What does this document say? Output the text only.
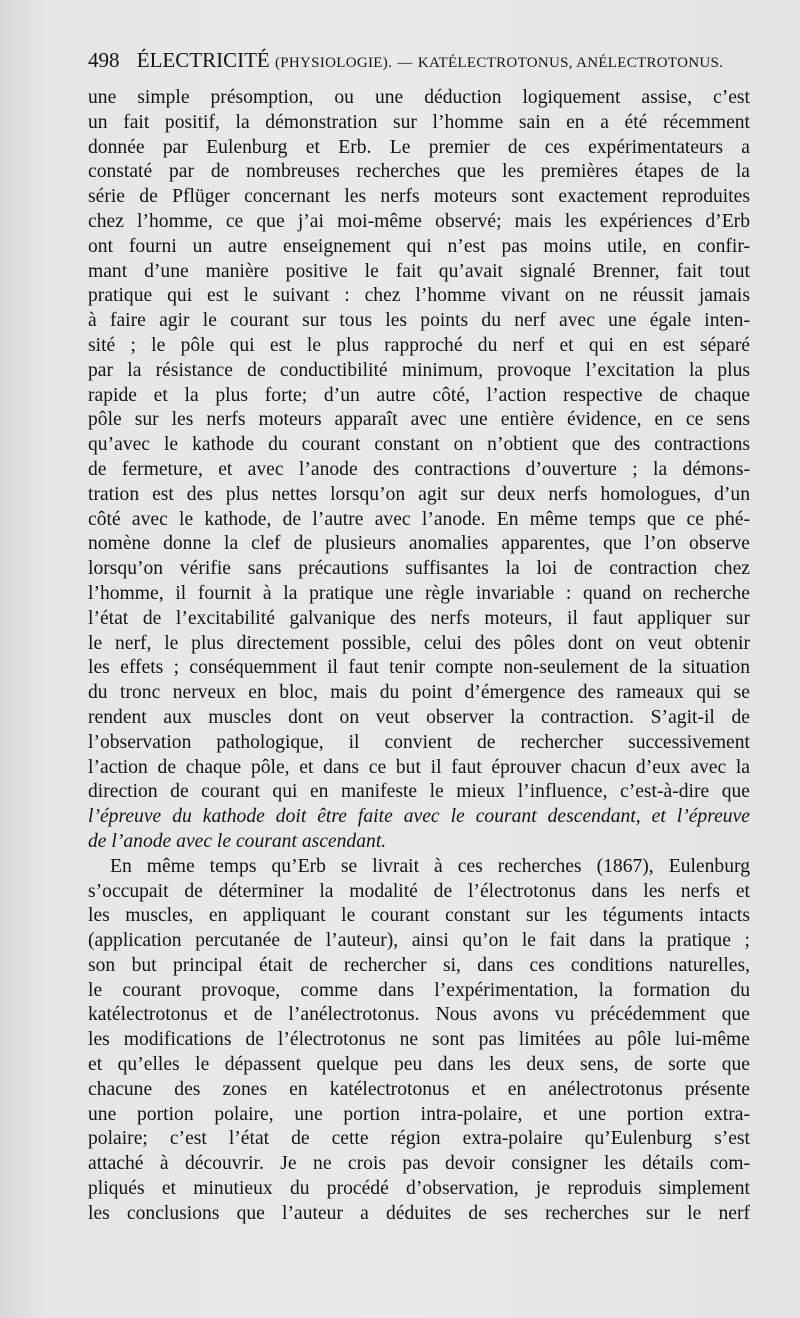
498 ÉLECTRICITÉ (PHYSIOLOGIE). — KATÉLECTROTONUS, ANÉLECTROTONUS.
une simple présomption, ou une déduction logiquement assise, c’est
un fait positif, la démonstration sur l’homme sain en a été récemment
donnée par Eulenburg et Erb. Le premier de ces expérimentateurs a
constaté par de nombreuses recherches que les premières étapes de la
série de Pflüger concernant les nerfs moteurs sont exactement reproduites
chez l’homme, ce que j’ai moi-même observé; mais les expériences d’Erb
ont fourni un autre enseignement qui n’est pas moins utile, en confir-
mant d’une manière positive le fait qu’avait signalé Brenner, fait tout
pratique qui est le suivant : chez l’homme vivant on ne réussit jamais
à faire agir le courant sur tous les points du nerf avec une égale inten-
sité ; le pôle qui est le plus rapproché du nerf et qui en est séparé
par la résistance de conductibilité minimum, provoque l’excitation la plus
rapide et la plus forte; d’un autre côté, l’action respective de chaque
pôle sur les nerfs moteurs apparaît avec une entière évidence, en ce sens
qu’avec le kathode du courant constant on n’obtient que des contractions
de fermeture, et avec l’anode des contractions d’ouverture ; la démons-
tration est des plus nettes lorsqu’on agit sur deux nerfs homologues, d’un
côté avec le kathode, de l’autre avec l’anode. En même temps que ce phé-
nomène donne la clef de plusieurs anomalies apparentes, que l’on observe
lorsqu’on vérifie sans précautions suffisantes la loi de contraction chez
l’homme, il fournit à la pratique une règle invariable : quand on recherche
l’état de l’excitabilité galvanique des nerfs moteurs, il faut appliquer sur
le nerf, le plus directement possible, celui des pôles dont on veut obtenir
les effets ; conséquemment il faut tenir compte non-seulement de la situation
du tronc nerveux en bloc, mais du point d’émergence des rameaux qui se
rendent aux muscles dont on veut observer la contraction. S’agit-il de
l’observation pathologique, il convient de rechercher successivement
l’action de chaque pôle, et dans ce but il faut éprouver chacun d’eux avec la
direction de courant qui en manifeste le mieux l’influence, c’est-à-dire que
l’épreuve du kathode doit être faite avec le courant descendant, et l’épreuve
de l’anode avec le courant ascendant.
En même temps qu’Erb se livrait à ces recherches (1867), Eulenburg
s’occupait de déterminer la modalité de l’électrotonus dans les nerfs et
les muscles, en appliquant le courant constant sur les téguments intacts
(application percutanée de l’auteur), ainsi qu’on le fait dans la pratique ;
son but principal était de rechercher si, dans ces conditions naturelles,
le courant provoque, comme dans l’expérimentation, la formation du
katélectrotonus et de l’anélectrotonus. Nous avons vu précédemment que
les modifications de l’électrotonus ne sont pas limitées au pôle lui-même
et qu’elles le dépassent quelque peu dans les deux sens, de sorte que
chacune des zones en katélectrotonus et en anélectrotonus présente
une portion polaire, une portion intra-polaire, et une portion extra-
polaire; c’est l’état de cette région extra-polaire qu’Eulenburg s’est
attaché à découvrir. Je ne crois pas devoir consigner les détails com-
pliqués et minutieux du procédé d’observation, je reproduis simplement
les conclusions que l’auteur a déduites de ses recherches sur le nerf
